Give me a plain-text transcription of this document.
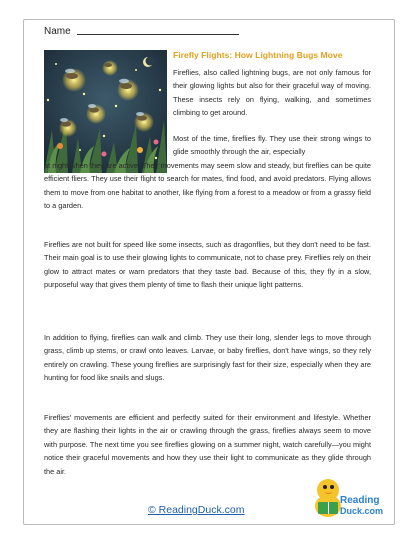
Name
Firefly Flights: How Lightning Bugs Move
Fireflies, also called lightning bugs, are not only famous for their glowing lights but also for their graceful way of moving. These insects rely on flying, walking, and sometimes climbing to get around.
Most of the time, fireflies fly. They use their strong wings to glide smoothly through the air, especially
at night when they are active. Their movements may seem slow and steady, but fireflies can be quite efficient fliers. They use their flight to search for mates, find food, and avoid predators. Flying allows them to move from one habitat to another, like flying from a forest to a meadow or from a grassy field to a garden.
Fireflies are not built for speed like some insects, such as dragonflies, but they don't need to be fast. Their main goal is to use their glowing lights to communicate, not to chase prey. Fireflies rely on their glow to attract mates or warn predators that they taste bad. Because of this, they fly in a slow, purposeful way that gives them plenty of time to flash their unique light patterns.
In addition to flying, fireflies can walk and climb. They use their long, slender legs to move through grass, climb up stems, or crawl onto leaves. Larvae, or baby fireflies, don't have wings, so they rely entirely on crawling. These young fireflies are surprisingly fast for their size, especially when they are hunting for food like snails and slugs.
Fireflies' movements are efficient and perfectly suited for their environment and lifestyle. Whether they are flashing their lights in the air or crawling through the grass, fireflies always seem to move with purpose. The next time you see fireflies glowing on a summer night, watch carefully—you might notice their graceful movements and how they use their light to communicate as they glide through the air.
© ReadingDuck.com
Reading
Duck.com
